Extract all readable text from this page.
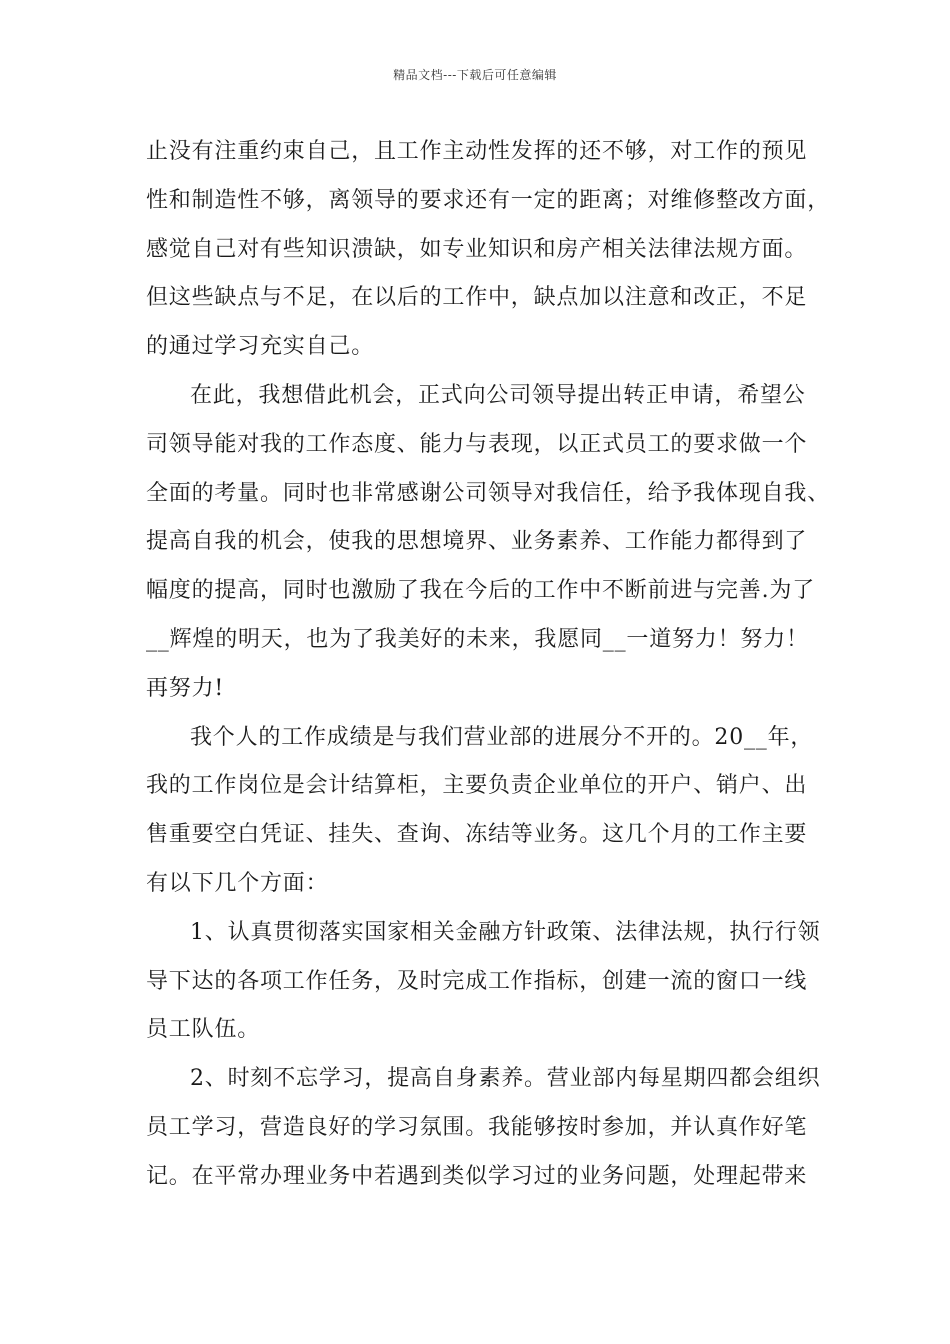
精品文档---下载后可任意编辑
止没有注重约束自己，且工作主动性发挥的还不够，对工作的预见
性和制造性不够，离领导的要求还有一定的距离；对维修整改方面，
感觉自己对有些知识溃缺，如专业知识和房产相关法律法规方面。
但这些缺点与不足，在以后的工作中，缺点加以注意和改正，不足
的通过学习充实自己。
在此，我想借此机会，正式向公司领导提出转正申请，希望公
司领导能对我的工作态度、能力与表现，以正式员工的要求做一个
全面的考量。同时也非常感谢公司领导对我信任，给予我体现自我、
提高自我的机会，使我的思想境界、业务素养、工作能力都得到了
幅度的提高，同时也激励了我在今后的工作中不断前进与完善.为了
__辉煌的明天，也为了我美好的未来，我愿同__一道努力！努力！
再努力!
我个人的工作成绩是与我们营业部的进展分不开的。20__年，
我的工作岗位是会计结算柜，主要负责企业单位的开户、销户、出
售重要空白凭证、挂失、查询、冻结等业务。这几个月的工作主要
有以下几个方面：
1、认真贯彻落实国家相关金融方针政策、法律法规，执行行领
导下达的各项工作任务，及时完成工作指标，创建一流的窗口一线
员工队伍。
2、时刻不忘学习，提高自身素养。营业部内每星期四都会组织
员工学习，营造良好的学习氛围。我能够按时参加，并认真作好笔
记。在平常办理业务中若遇到类似学习过的业务问题，处理起带来
